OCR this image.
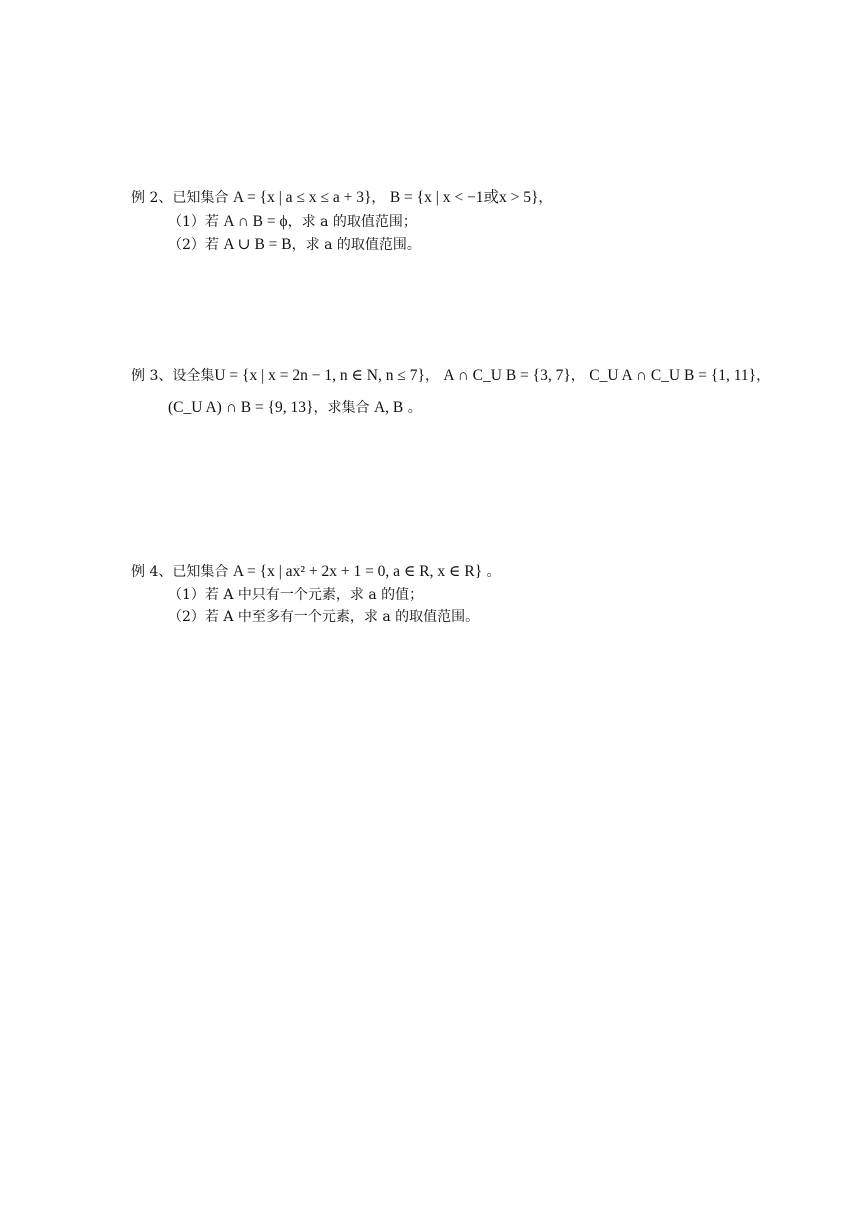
例 2、已知集合 A = {x | a ≤ x ≤ a + 3}， B = {x | x < −1或x > 5}，
（1）若 A ∩ B = ϕ，求 a 的取值范围；
（2）若 A ∪ B = B，求 a 的取值范围。
例 3、设全集U = {x | x = 2n − 1, n ∈ N, n ≤ 7}， A ∩ C_U B = {3, 7}， C_U A ∩ C_U B = {1, 11}，
(C_U A) ∩ B = {9, 13}，求集合 A, B 。
例 4、已知集合 A = {x | ax² + 2x + 1 = 0, a ∈ R, x ∈ R} 。
（1）若 A 中只有一个元素，求 a 的值；
（2）若 A 中至多有一个元素，求 a 的取值范围。
